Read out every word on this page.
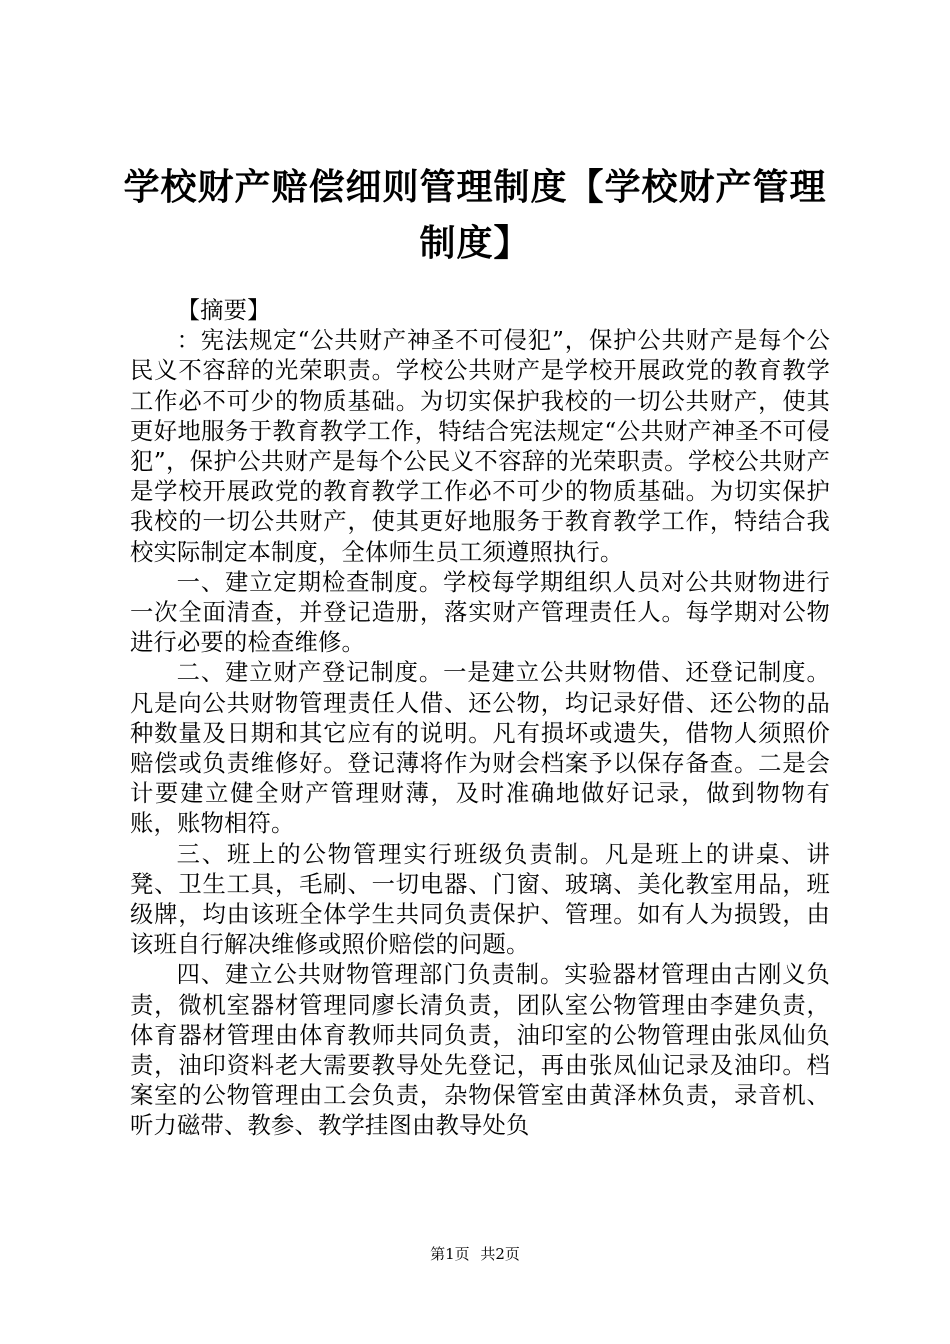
学校财产赔偿细则管理制度【学校财产管理制度】

【摘要】

：宪法规定“公共财产神圣不可侵犯”，保护公共财产是每个公民义不容辞的光荣职责。学校公共财产是学校开展政党的教育教学工作必不可少的物质基础。为切实保护我校的一切公共财产，使其更好地服务于教育教学工作，特结合宪法规定“公共财产神圣不可侵犯”，保护公共财产是每个公民义不容辞的光荣职责。学校公共财产是学校开展政党的教育教学工作必不可少的物质基础。为切实保护我校的一切公共财产，使其更好地服务于教育教学工作，特结合我校实际制定本制度，全体师生员工须遵照执行。

一、建立定期检查制度。学校每学期组织人员对公共财物进行一次全面清查，并登记造册，落实财产管理责任人。每学期对公物进行必要的检查维修。

二、建立财产登记制度。一是建立公共财物借、还登记制度。凡是向公共财物管理责任人借、还公物，均记录好借、还公物的品种数量及日期和其它应有的说明。凡有损坏或遗失，借物人须照价赔偿或负责维修好。登记薄将作为财会档案予以保存备查。二是会计要建立健全财产管理财薄，及时准确地做好记录，做到物物有账，账物相符。

三、班上的公物管理实行班级负责制。凡是班上的讲桌、讲凳、卫生工具，毛刷、一切电器、门窗、玻璃、美化教室用品，班级牌，均由该班全体学生共同负责保护、管理。如有人为损毁，由该班自行解决维修或照价赔偿的问题。

四、建立公共财物管理部门负责制。实验器材管理由古刚义负责，微机室器材管理同廖长清负责，团队室公物管理由李建负责，体育器材管理由体育教师共同负责，油印室的公物管理由张凤仙负责，油印资料老大需要教导处先登记，再由张凤仙记录及油印。档案室的公物管理由工会负责，杂物保管室由黄泽林负责，录音机、听力磁带、教参、教学挂图由教导处负

第1页 共2页
